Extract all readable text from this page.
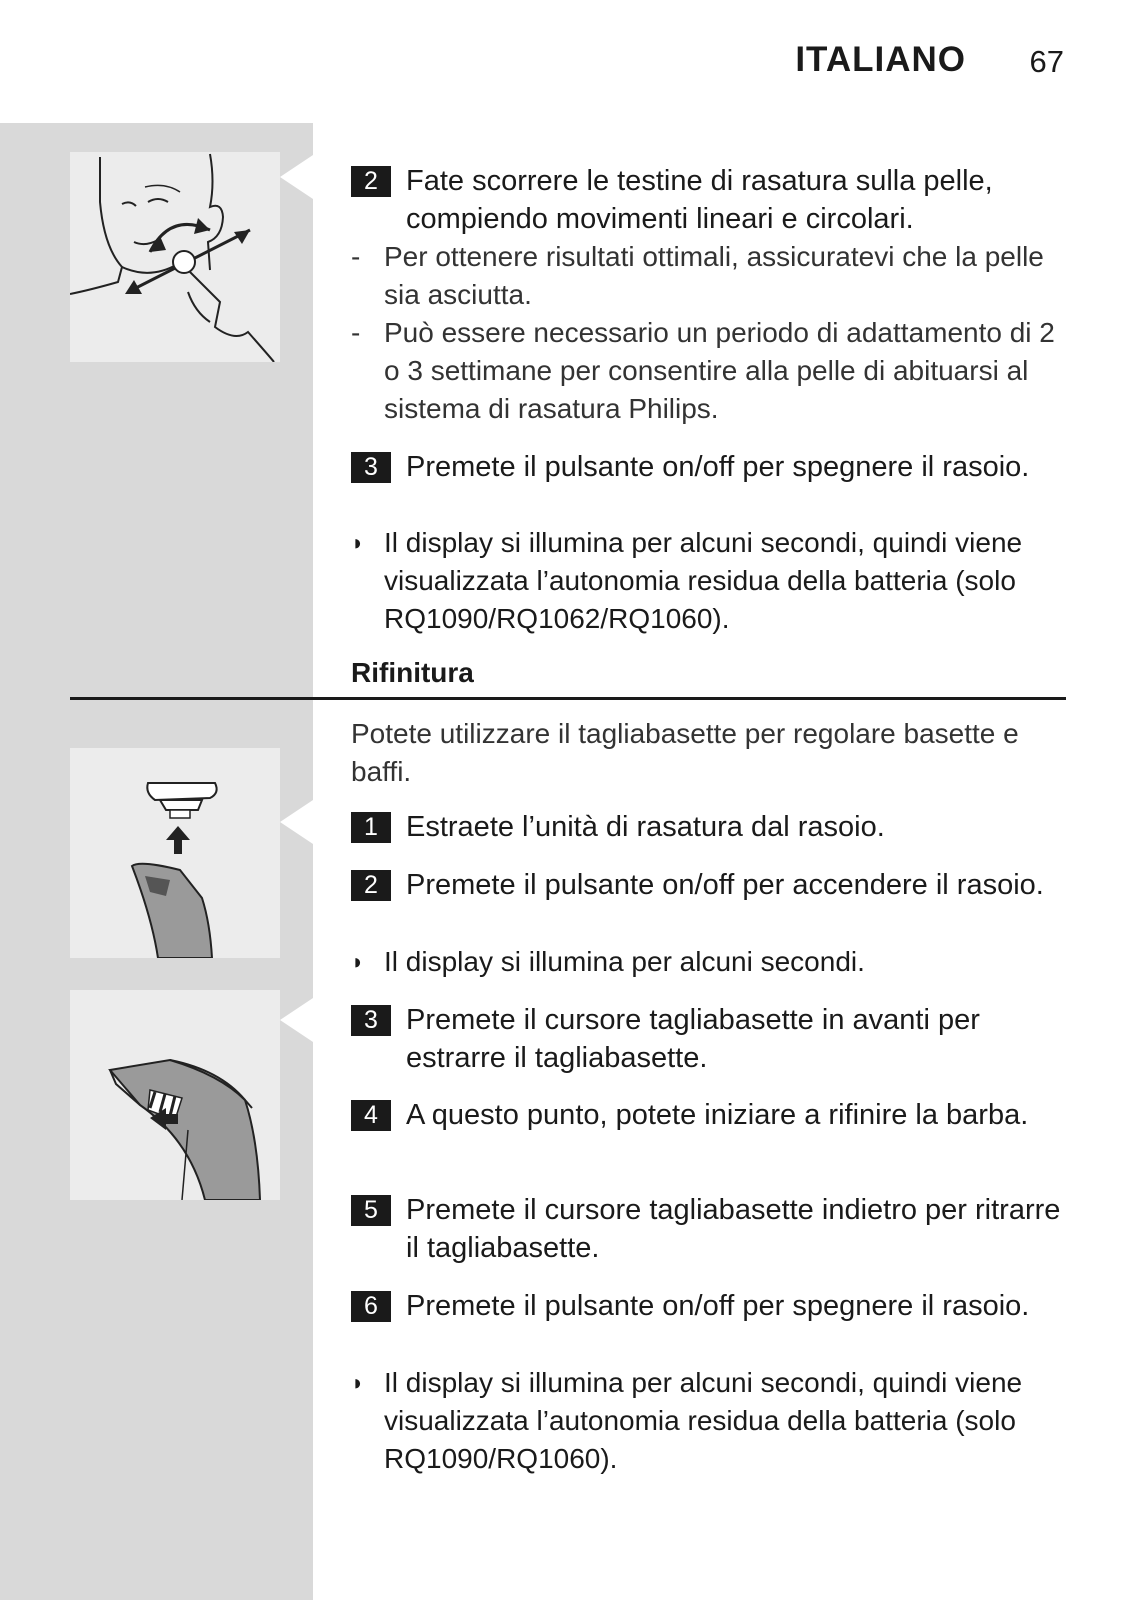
ITALIANO 67
2 Fate scorrere le testine di rasatura sulla pelle, compiendo movimenti lineari e circolari.
- Per ottenere risultati ottimali, assicuratevi che la pelle sia asciutta.
- Può essere necessario un periodo di adattamento di 2 o 3 settimane per consentire alla pelle di abituarsi al sistema di rasatura Philips.
3 Premete il pulsante on/off per spegnere il rasoio.
◗ Il display si illumina per alcuni secondi, quindi viene visualizzata l’autonomia residua della batteria (solo RQ1090/RQ1062/RQ1060).
Rifinitura
Potete utilizzare il tagliabasette per regolare basette e baffi.
1 Estraete l’unità di rasatura dal rasoio.
2 Premete il pulsante on/off per accendere il rasoio.
◗ Il display si illumina per alcuni secondi.
3 Premete il cursore tagliabasette in avanti per estrarre il tagliabasette.
4 A questo punto, potete iniziare a rifinire la barba.
5 Premete il cursore tagliabasette indietro per ritrarre il tagliabasette.
6 Premete il pulsante on/off per spegnere il rasoio.
◗ Il display si illumina per alcuni secondi, quindi viene visualizzata l’autonomia residua della batteria (solo RQ1090/RQ1060).
